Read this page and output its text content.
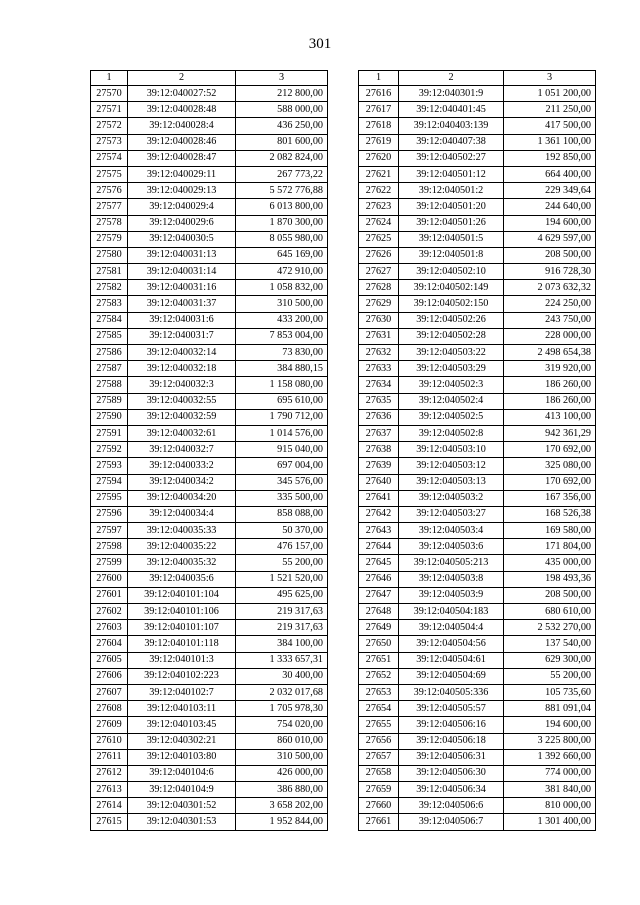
301
1	2	3
27570	39:12:040027:52	212 800,00
27571	39:12:040028:48	588 000,00
27572	39:12:040028:4	436 250,00
27573	39:12:040028:46	801 600,00
27574	39:12:040028:47	2 082 824,00
27575	39:12:040029:11	267 773,22
27576	39:12:040029:13	5 572 776,88
27577	39:12:040029:4	6 013 800,00
27578	39:12:040029:6	1 870 300,00
27579	39:12:040030:5	8 055 980,00
27580	39:12:040031:13	645 169,00
27581	39:12:040031:14	472 910,00
27582	39:12:040031:16	1 058 832,00
27583	39:12:040031:37	310 500,00
27584	39:12:040031:6	433 200,00
27585	39:12:040031:7	7 853 004,00
27586	39:12:040032:14	73 830,00
27587	39:12:040032:18	384 880,15
27588	39:12:040032:3	1 158 080,00
27589	39:12:040032:55	695 610,00
27590	39:12:040032:59	1 790 712,00
27591	39:12:040032:61	1 014 576,00
27592	39:12:040032:7	915 040,00
27593	39:12:040033:2	697 004,00
27594	39:12:040034:2	345 576,00
27595	39:12:040034:20	335 500,00
27596	39:12:040034:4	858 088,00
27597	39:12:040035:33	50 370,00
27598	39:12:040035:22	476 157,00
27599	39:12:040035:32	55 200,00
27600	39:12:040035:6	1 521 520,00
27601	39:12:040101:104	495 625,00
27602	39:12:040101:106	219 317,63
27603	39:12:040101:107	219 317,63
27604	39:12:040101:118	384 100,00
27605	39:12:040101:3	1 333 657,31
27606	39:12:040102:223	30 400,00
27607	39:12:040102:7	2 032 017,68
27608	39:12:040103:11	1 705 978,30
27609	39:12:040103:45	754 020,00
27610	39:12:040302:21	860 010,00
27611	39:12:040103:80	310 500,00
27612	39:12:040104:6	426 000,00
27613	39:12:040104:9	386 880,00
27614	39:12:040301:52	3 658 202,00
27615	39:12:040301:53	1 952 844,00
1	2	3
27616	39:12:040301:9	1 051 200,00
27617	39:12:040401:45	211 250,00
27618	39:12:040403:139	417 500,00
27619	39:12:040407:38	1 361 100,00
27620	39:12:040502:27	192 850,00
27621	39:12:040501:12	664 400,00
27622	39:12:040501:2	229 349,64
27623	39:12:040501:20	244 640,00
27624	39:12:040501:26	194 600,00
27625	39:12:040501:5	4 629 597,00
27626	39:12:040501:8	208 500,00
27627	39:12:040502:10	916 728,30
27628	39:12:040502:149	2 073 632,32
27629	39:12:040502:150	224 250,00
27630	39:12:040502:26	243 750,00
27631	39:12:040502:28	228 000,00
27632	39:12:040503:22	2 498 654,38
27633	39:12:040503:29	319 920,00
27634	39:12:040502:3	186 260,00
27635	39:12:040502:4	186 260,00
27636	39:12:040502:5	413 100,00
27637	39:12:040502:8	942 361,29
27638	39:12:040503:10	170 692,00
27639	39:12:040503:12	325 080,00
27640	39:12:040503:13	170 692,00
27641	39:12:040503:2	167 356,00
27642	39:12:040503:27	168 526,38
27643	39:12:040503:4	169 580,00
27644	39:12:040503:6	171 804,00
27645	39:12:040505:213	435 000,00
27646	39:12:040503:8	198 493,36
27647	39:12:040503:9	208 500,00
27648	39:12:040504:183	680 610,00
27649	39:12:040504:4	2 532 270,00
27650	39:12:040504:56	137 540,00
27651	39:12:040504:61	629 300,00
27652	39:12:040504:69	55 200,00
27653	39:12:040505:336	105 735,60
27654	39:12:040505:57	881 091,04
27655	39:12:040506:16	194 600,00
27656	39:12:040506:18	3 225 800,00
27657	39:12:040506:31	1 392 660,00
27658	39:12:040506:30	774 000,00
27659	39:12:040506:34	381 840,00
27660	39:12:040506:6	810 000,00
27661	39:12:040506:7	1 301 400,00
